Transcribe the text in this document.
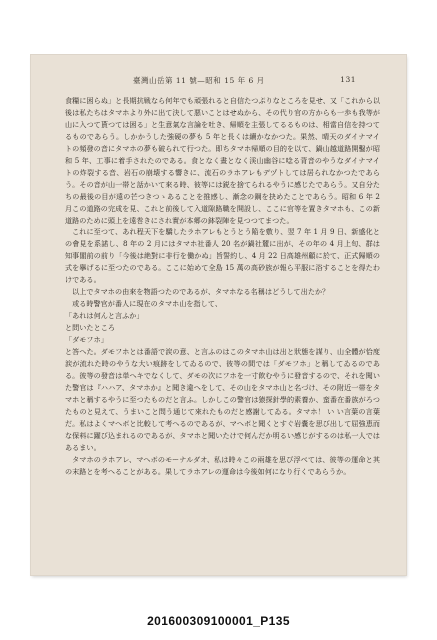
臺灣山岳第 11 號—昭和 15 年 6 月	131

食糧に困らぬ」と長期抗戦なら何年でも頑張れると自信たつぷりなところを見せ、又「これから以後は私たちはタマホより外に出て決して悪いことはせぬから、その代り官の方からも一歩も我等が山に入つて貰つては困る」と生意氣な言論を吐き、帰順を主張してるるものは、相當自信を持つてるものであらう。しかかうした強硬の夢も 5 年と長くは續かなかつた。果然、晴天のダイナマイトの頻發の音にタマホの夢も破られて行つた。即ちタマホ帰順の目的を以て、鍋山越道路開鑿が昭和 5 年、工事に着手されたのである。食となく晝となく渓山幽谷に唸る背音のやうなダイナマイトの炸裂する音、岩石の崩壊する響きに、流石のラホアレもデヅトしては居られなかつたであらう。その音が山一帯と話かいて來る時、彼等には鋭を捨てられるやうに感じたであらう。又自分たちの最後の目が遠の芒つきつゝあることを推感し、漸念の鋼を抉めたことであらう。昭和 6 年 2 月この道路の完成を見、これと前後して入道隙路職を開設し、ここに官等を置きタマホも、この新道路のために頭上を遠巻きにされ實が本郷の鉢裂陣を見つつてまつた。

これに至つて、あれ程天下を驕したラホアレもとうとう陥を敷り、翌 7 年 1 月 9 日、新盛化との會見を系諾し、8 年の 2 月にはタマホ社番人 20 名が鍋社麓に出が、その年の 4 月上旬、群は知事閣前の前り「今後は絶對に非行を働かぬ」旨誓約し、4 月 22 日高雄州顧に於て、正式歸順の式を擧げるに至つたのである。ここに始めて全島 15 萬の高砂族が報ら平服に浴することを得たわけである。

以上でタマホの由來を物語つたのであるが、タマホなる名稱はどうして出たか？

或る時警官が番人に現在のタマホ山を指して、

「あれは何んと言ふか」

と問いたところ

「ダモフホ」

と答へた。ダモフホとは番語で涙の意、と言ふのはこのタマホ山は出と狀態を謀り、山全體が恰度涙が流れた時のやうな大い痕跡をしてゐるので、彼等の間では「ダモフホ」と稱してゐるのである。彼等の發音は単へキでなくして、ダモの次にフホを一寸飲むやうに發音するので、それを聞いた警官は『ハハア、タマホか』と聞き違へをして、その山をタマホ山と名づけ、その附近一帯をタマホと稱するやうに至つたものだと言ふ。しかしこの警官は猿探針學的素養か、蛮番在番族がろつたものと見えて、うまいこと問う通じて來れたものだと感謝してゐる。タマホ！ い い言葉の言葉だ。私はよくマへボと比較して考へるのであるが、マへボと聞くとすぐ岩嚢を思び出して屈強恵而な保料に躍び込まれるのであるが、タマホと聞いたけで何んだか明るい感じがするのは私一人ではあるまい。

タマホのラホアレ、マへボのモーナルダオ、私は時々この兩雄を思び浮べては、彼等の運命と其の末路とを考へることがある。果してラホアレの運命は今後如何になり行くであらうか。

201600309100001_P135
